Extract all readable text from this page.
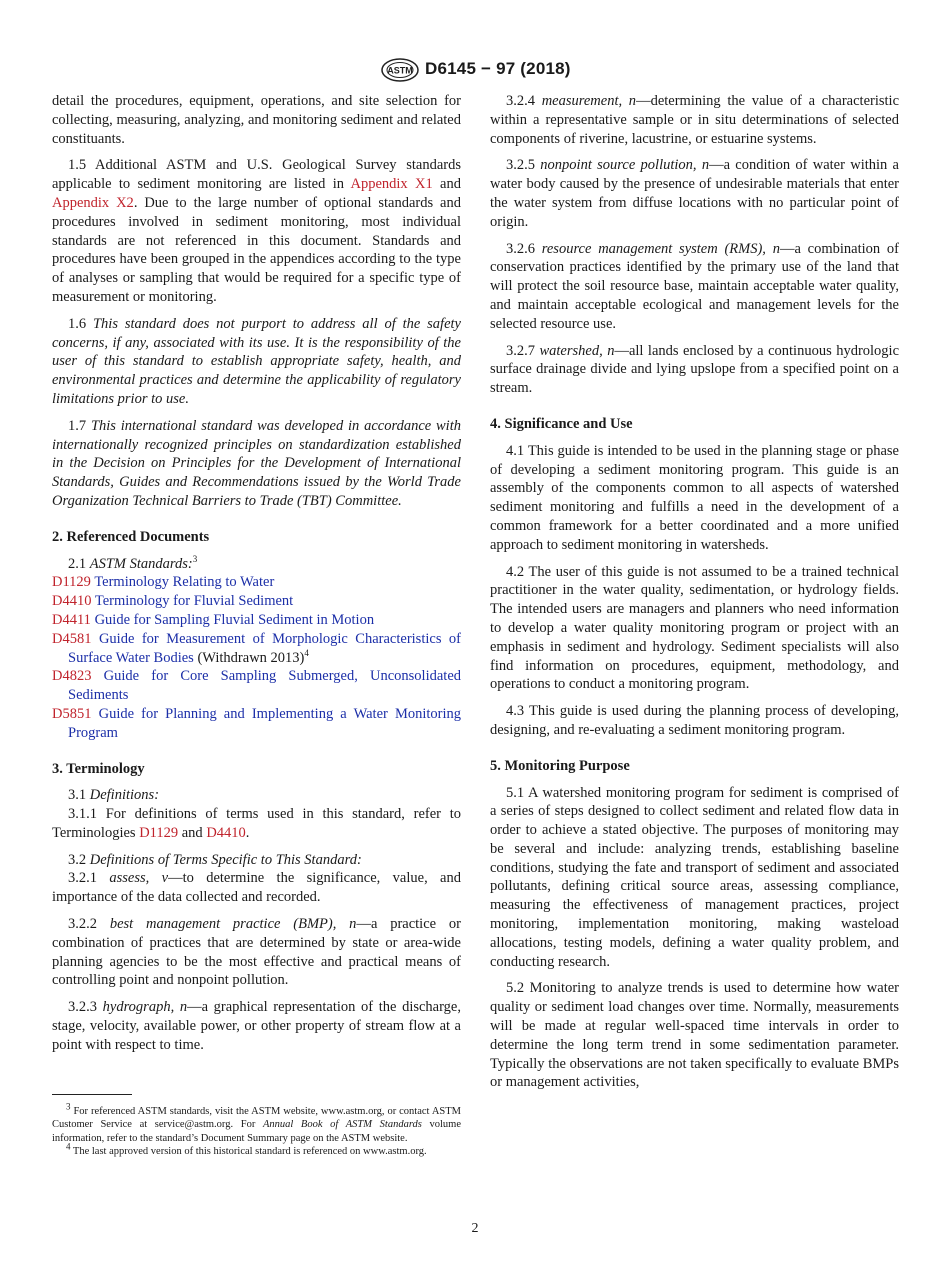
ASTM D6145 − 97 (2018)

detail the procedures, equipment, operations, and site selection for collecting, measuring, analyzing, and monitoring sediment and related constituants.

1.5 Additional ASTM and U.S. Geological Survey standards applicable to sediment monitoring are listed in Appendix X1 and Appendix X2. Due to the large number of optional standards and procedures involved in sediment monitoring, most individual standards are not referenced in this document. Standards and procedures have been grouped in the appendices according to the type of analyses or sampling that would be required for a specific type of measurement or monitoring.

1.6 This standard does not purport to address all of the safety concerns, if any, associated with its use. It is the responsibility of the user of this standard to establish appropriate safety, health, and environmental practices and determine the applicability of regulatory limitations prior to use.

1.7 This international standard was developed in accordance with internationally recognized principles on standardization established in the Decision on Principles for the Development of International Standards, Guides and Recommendations issued by the World Trade Organization Technical Barriers to Trade (TBT) Committee.

2. Referenced Documents

2.1 ASTM Standards:$^3$

D1129 Terminology Relating to Water

D4410 Terminology for Fluvial Sediment

D4411 Guide for Sampling Fluvial Sediment in Motion

D4581 Guide for Measurement of Morphologic Characteristics of Surface Water Bodies (Withdrawn 2013)$^4$

D4823 Guide for Core Sampling Submerged, Unconsolidated Sediments

D5851 Guide for Planning and Implementing a Water Monitoring Program

3. Terminology

3.1 Definitions:

3.1.1 For definitions of terms used in this standard, refer to Terminologies D1129 and D4410.

3.2 Definitions of Terms Specific to This Standard:

3.2.1 assess, v—to determine the significance, value, and importance of the data collected and recorded.

3.2.2 best management practice (BMP), n—a practice or combination of practices that are determined by state or area-wide planning agencies to be the most effective and practical means of controlling point and nonpoint pollution.

3.2.3 hydrograph, n—a graphical representation of the discharge, stage, velocity, available power, or other property of stream flow at a point with respect to time.

$^3$ For referenced ASTM standards, visit the ASTM website, www.astm.org, or contact ASTM Customer Service at service@astm.org. For Annual Book of ASTM Standards volume information, refer to the standard’s Document Summary page on the ASTM website.

$^4$ The last approved version of this historical standard is referenced on www.astm.org.

3.2.4 measurement, n—determining the value of a characteristic within a representative sample or in situ determinations of selected components of riverine, lacustrine, or estuarine systems.

3.2.5 nonpoint source pollution, n—a condition of water within a water body caused by the presence of undesirable materials that enter the water system from diffuse locations with no particular point of origin.

3.2.6 resource management system (RMS), n—a combination of conservation practices identified by the primary use of the land that will protect the soil resource base, maintain acceptable water quality, and maintain acceptable ecological and management levels for the selected resource use.

3.2.7 watershed, n—all lands enclosed by a continuous hydrologic surface drainage divide and lying upslope from a specified point on a stream.

4. Significance and Use

4.1 This guide is intended to be used in the planning stage or phase of developing a sediment monitoring program. This guide is an assembly of the components common to all aspects of watershed sediment monitoring and fulfills a need in the development of a common framework for a better coordinated and a more unified approach to sediment monitoring in watersheds.

4.2 The user of this guide is not assumed to be a trained technical practitioner in the water quality, sedimentation, or hydrology fields. The intended users are managers and planners who need information to develop a water quality monitoring program or project with an emphasis in sediment and hydrology. Sediment specialists will also find information on procedures, equipment, methodology, and operations to conduct a monitoring program.

4.3 This guide is used during the planning process of developing, designing, and re-evaluating a sediment monitoring program.

5. Monitoring Purpose

5.1 A watershed monitoring program for sediment is comprised of a series of steps designed to collect sediment and related flow data in order to achieve a stated objective. The purposes of monitoring may be several and include: analyzing trends, establishing baseline conditions, studying the fate and transport of sediment and associated pollutants, defining critical source areas, assessing compliance, measuring the effectiveness of management practices, project monitoring, implementation monitoring, making wasteload allocations, testing models, defining a water quality problem, and conducting research.

5.2 Monitoring to analyze trends is used to determine how water quality or sediment load changes over time. Normally, measurements will be made at regular well-spaced time intervals in order to determine the long term trend in some sedimentation parameter. Typically the observations are not taken specifically to evaluate BMPs or management activities,

2
